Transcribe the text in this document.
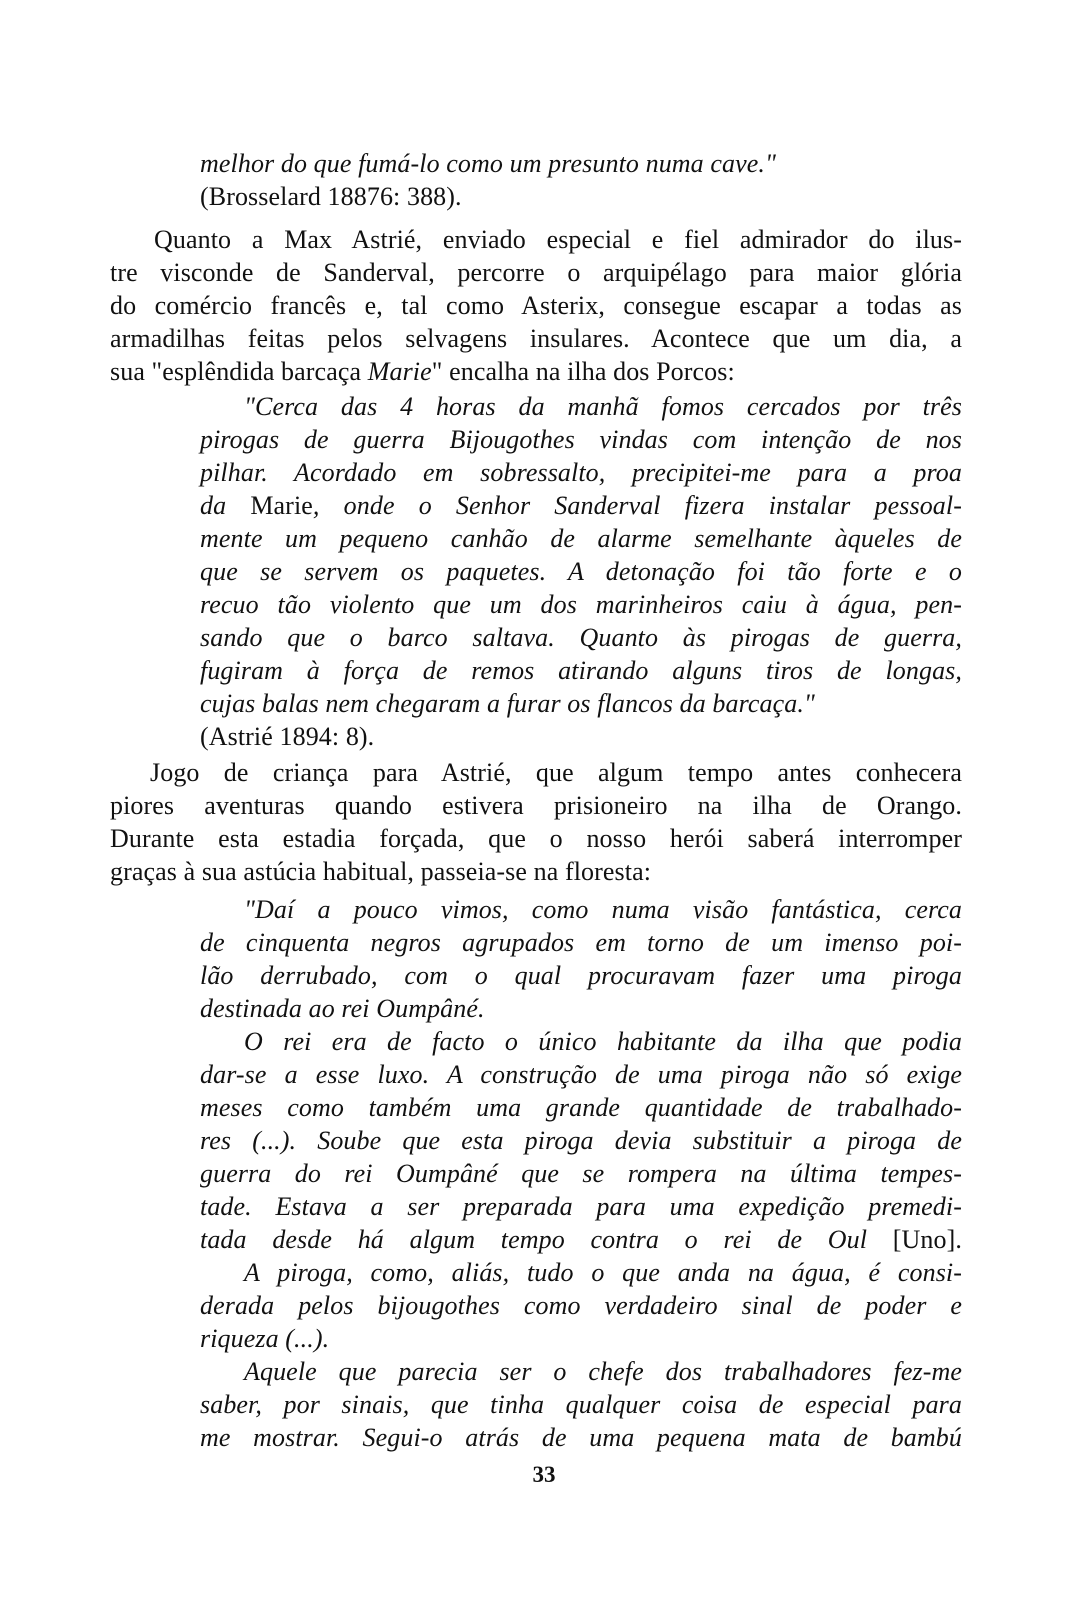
melhor do que fumá-lo como um presunto numa cave."
(Brosselard 18876: 388).
Quanto a Max Astrié, enviado especial e fiel admirador do ilus-
tre visconde de Sanderval, percorre o arquipélago para maior glória
do comércio francês e, tal como Asterix, consegue escapar a todas as
armadilhas feitas pelos selvagens insulares. Acontece que um dia, a
sua "esplêndida barcaça Marie" encalha na ilha dos Porcos:
"Cerca das 4 horas da manhã fomos cercados por três
pirogas de guerra Bijougothes vindas com intenção de nos
pilhar. Acordado em sobressalto, precipitei-me para a proa
da Marie, onde o Senhor Sanderval fizera instalar pessoal-
mente um pequeno canhão de alarme semelhante àqueles de
que se servem os paquetes. A detonação foi tão forte e o
recuo tão violento que um dos marinheiros caiu à água, pen-
sando que o barco saltava. Quanto às pirogas de guerra,
fugiram à força de remos atirando alguns tiros de longas,
cujas balas nem chegaram a furar os flancos da barcaça."
(Astrié 1894: 8).
Jogo de criança para Astrié, que algum tempo antes conhecera
piores aventuras quando estivera prisioneiro na ilha de Orango.
Durante esta estadia forçada, que o nosso herói saberá interromper
graças à sua astúcia habitual, passeia-se na floresta:
"Daí a pouco vimos, como numa visão fantástica, cerca
de cinquenta negros agrupados em torno de um imenso poi-
lão derrubado, com o qual procuravam fazer uma piroga
destinada ao rei Oumpâné.
O rei era de facto o único habitante da ilha que podia
dar-se a esse luxo. A construção de uma piroga não só exige
meses como também uma grande quantidade de trabalhado-
res (...). Soube que esta piroga devia substituir a piroga de
guerra do rei Oumpâné que se rompera na última tempes-
tade. Estava a ser preparada para uma expedição premedi-
tada desde há algum tempo contra o rei de Oul [Uno].
A piroga, como, aliás, tudo o que anda na água, é consi-
derada pelos bijougothes como verdadeiro sinal de poder e
riqueza (...).
Aquele que parecia ser o chefe dos trabalhadores fez-me
saber, por sinais, que tinha qualquer coisa de especial para
me mostrar. Segui-o atrás de uma pequena mata de bambú
33
